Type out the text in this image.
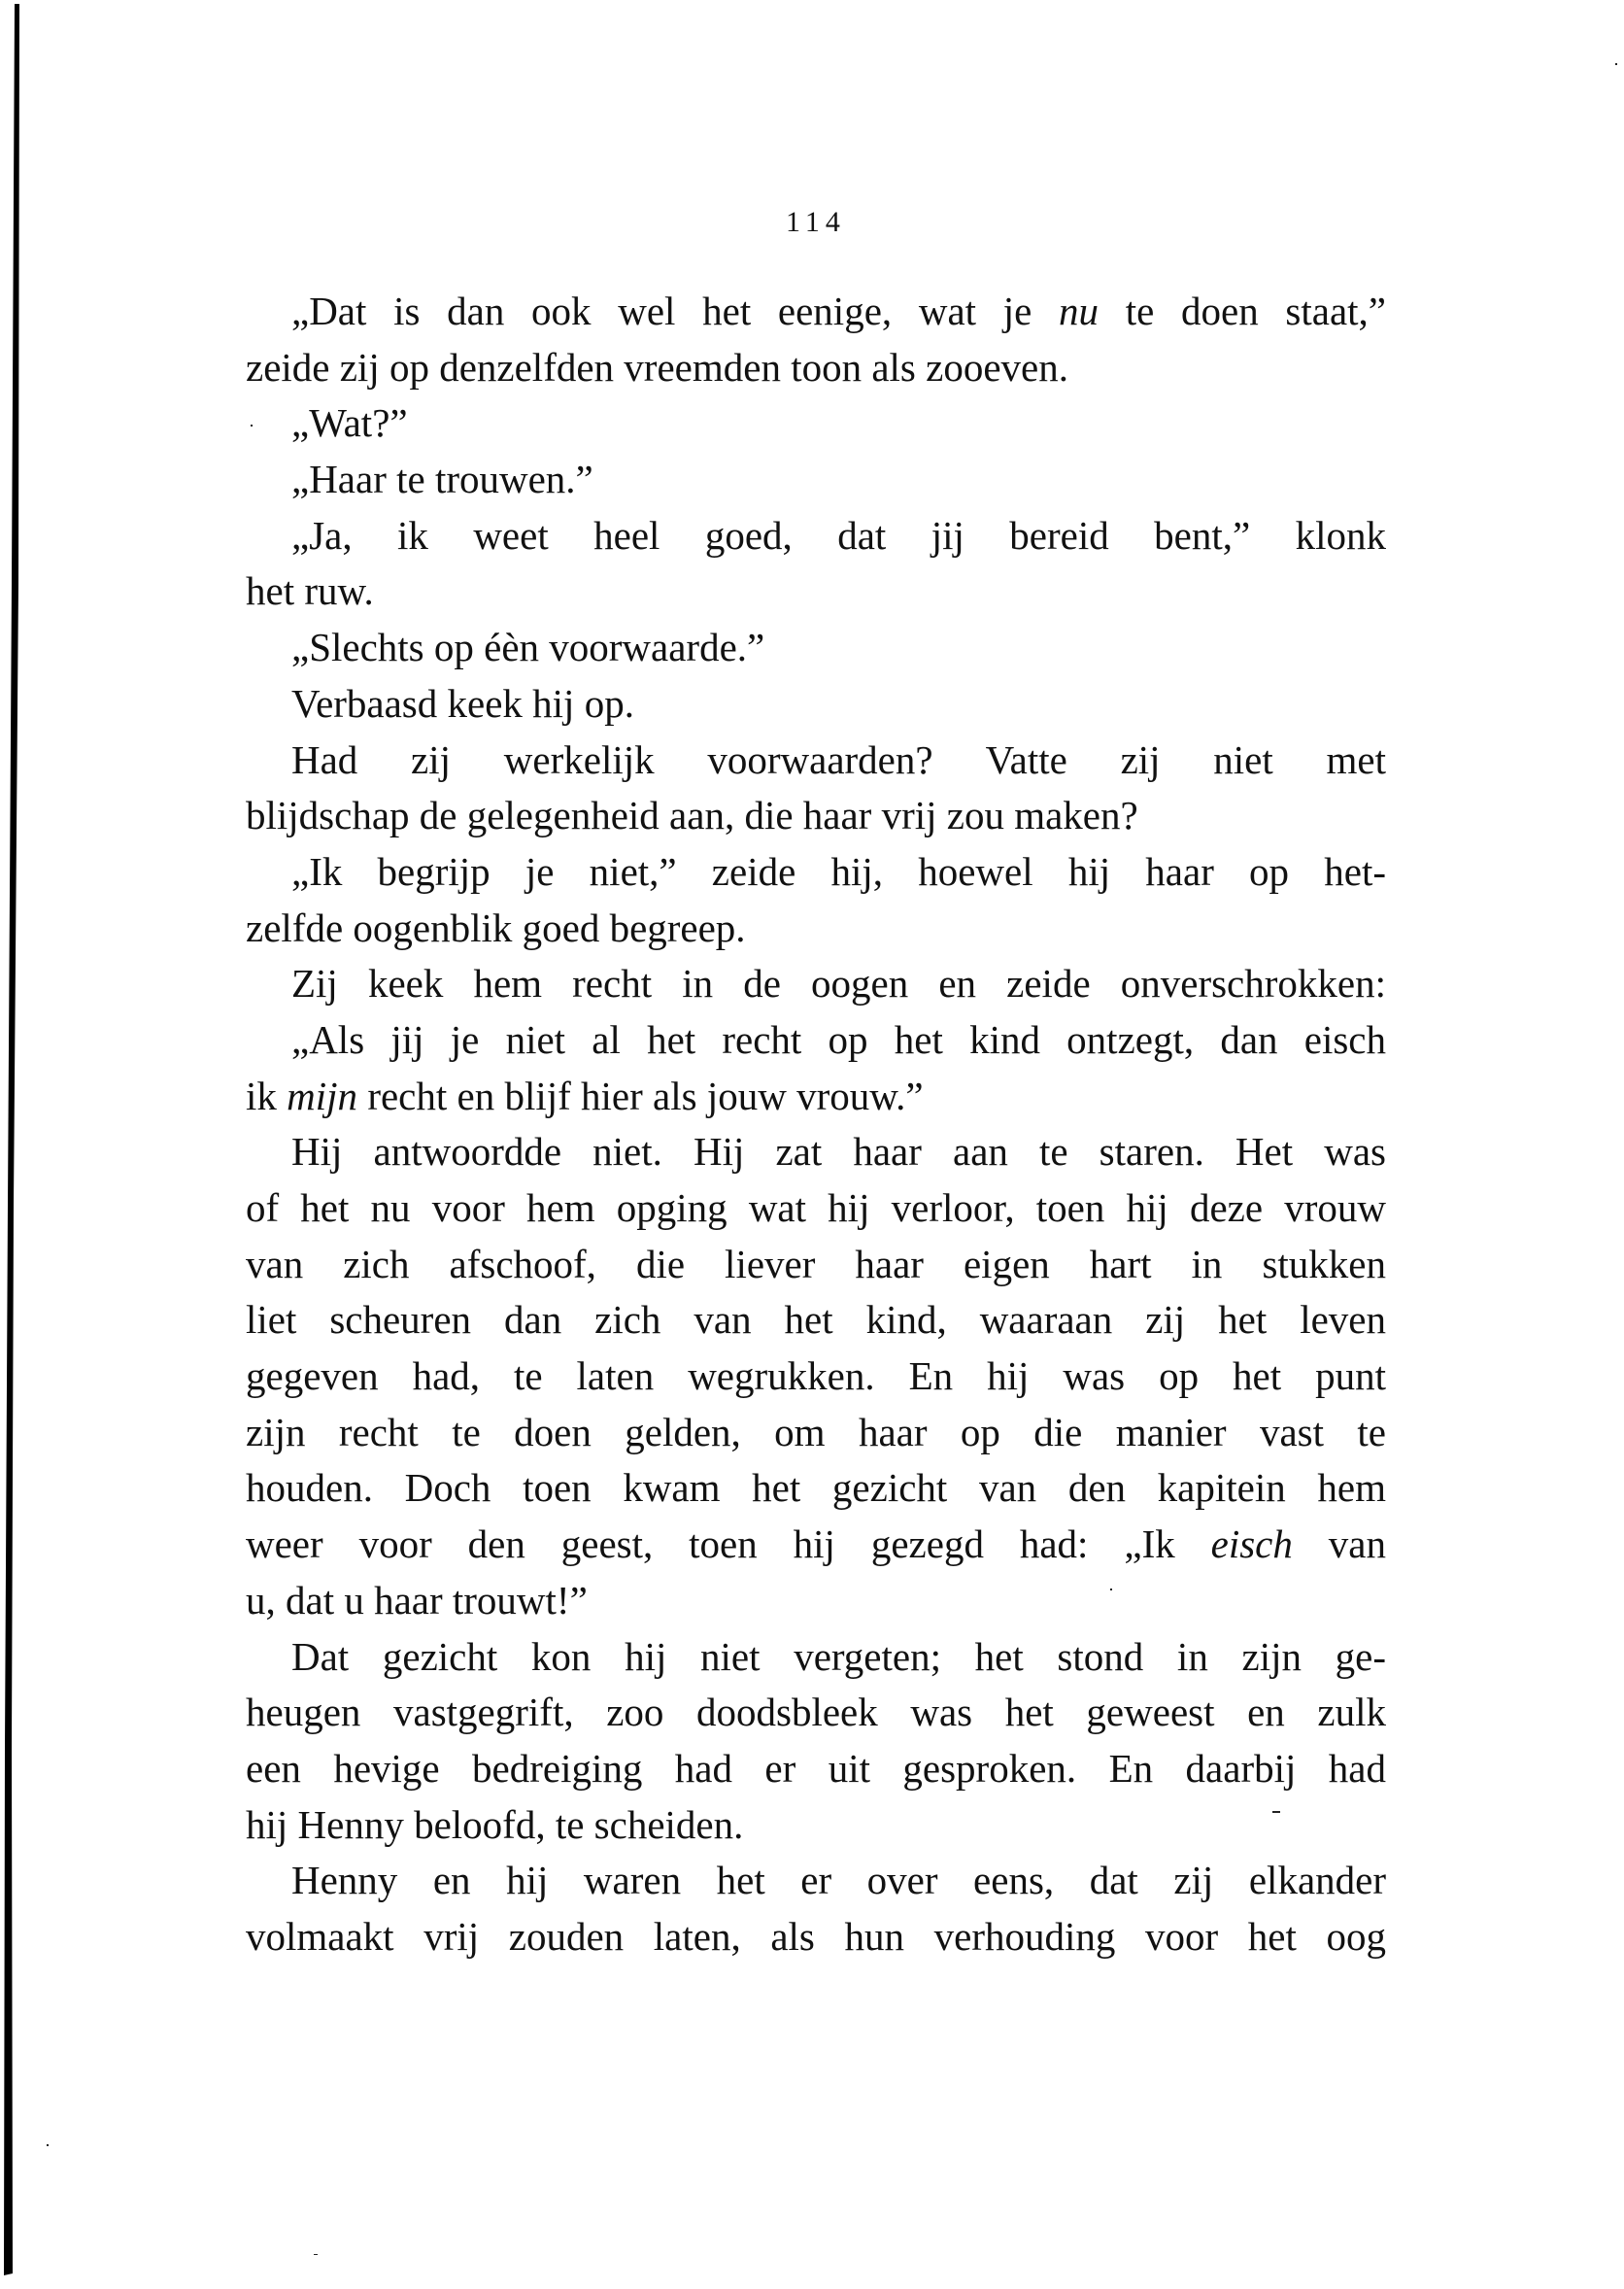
114
„Dat is dan ook wel het eenige, wat je nu te doen staat,”
zeide zij op denzelfden vreemden toon als zooeven.
„Wat?”
„Haar te trouwen.”
„Ja, ik weet heel goed, dat jij bereid bent,” klonk
het ruw.
„Slechts op éèn voorwaarde.”
Verbaasd keek hij op.
Had zij werkelijk voorwaarden? Vatte zij niet met
blijdschap de gelegenheid aan, die haar vrij zou maken?
„Ik begrijp je niet,” zeide hij, hoewel hij haar op het-
zelfde oogenblik goed begreep.
Zij keek hem recht in de oogen en zeide onverschrokken:
„Als jij je niet al het recht op het kind ontzegt, dan eisch
ik mijn recht en blijf hier als jouw vrouw.”
Hij antwoordde niet. Hij zat haar aan te staren. Het was
of het nu voor hem opging wat hij verloor, toen hij deze vrouw
van zich afschoof, die liever haar eigen hart in stukken
liet scheuren dan zich van het kind, waaraan zij het leven
gegeven had, te laten wegrukken. En hij was op het punt
zijn recht te doen gelden, om haar op die manier vast te
houden. Doch toen kwam het gezicht van den kapitein hem
weer voor den geest, toen hij gezegd had: „Ik eisch van
u, dat u haar trouwt!”
Dat gezicht kon hij niet vergeten; het stond in zijn ge-
heugen vastgegrift, zoo doodsbleek was het geweest en zulk
een hevige bedreiging had er uit gesproken. En daarbij had
hij Henny beloofd, te scheiden.
Henny en hij waren het er over eens, dat zij elkander
volmaakt vrij zouden laten, als hun verhouding voor het oog
